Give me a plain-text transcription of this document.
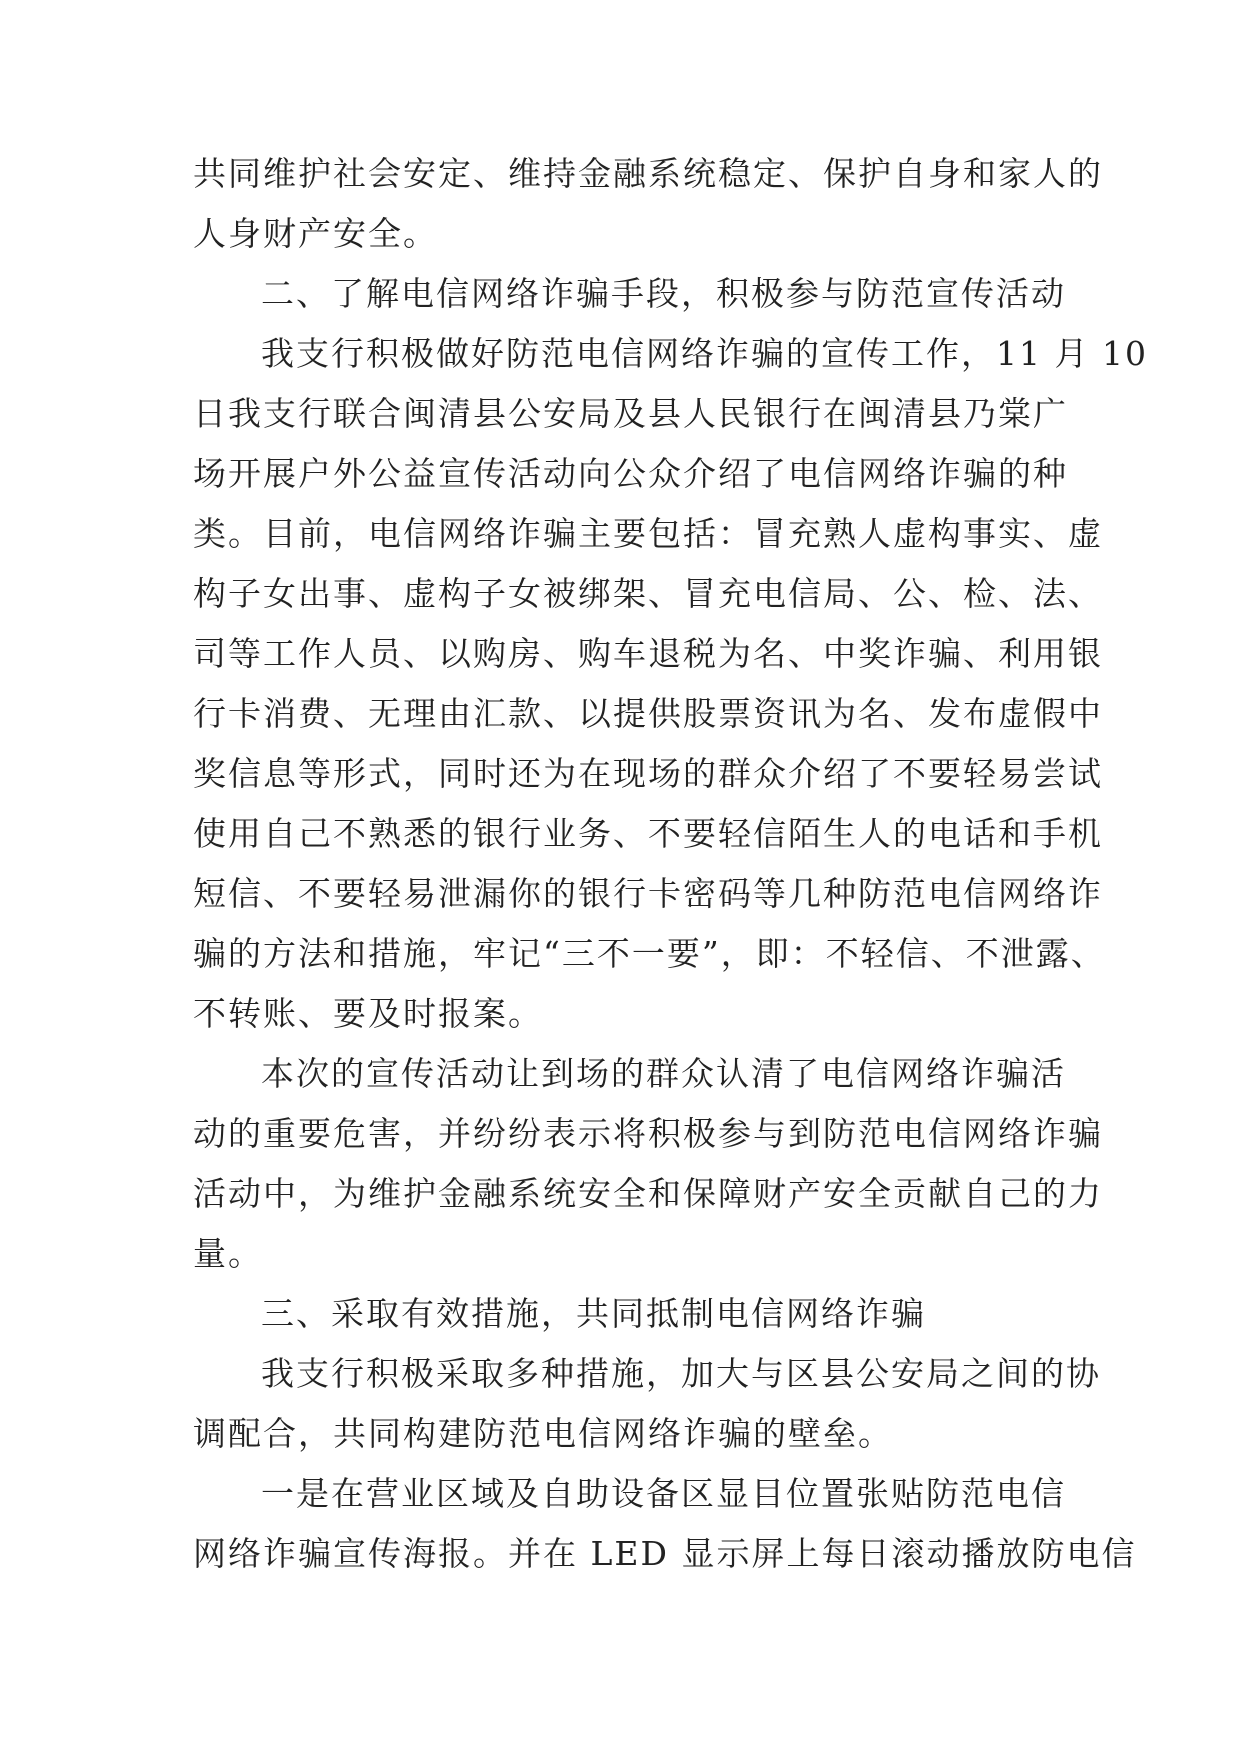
共同维护社会安定、维持金融系统稳定、保护自身和家人的
人身财产安全。
二、了解电信网络诈骗手段，积极参与防范宣传活动
我支行积极做好防范电信网络诈骗的宣传工作，11 月 10
日我支行联合闽清县公安局及县人民银行在闽清县乃棠广
场开展户外公益宣传活动向公众介绍了电信网络诈骗的种
类。目前，电信网络诈骗主要包括：冒充熟人虚构事实、虚
构子女出事、虚构子女被绑架、冒充电信局、公、检、法、
司等工作人员、以购房、购车退税为名、中奖诈骗、利用银
行卡消费、无理由汇款、以提供股票资讯为名、发布虚假中
奖信息等形式，同时还为在现场的群众介绍了不要轻易尝试
使用自己不熟悉的银行业务、不要轻信陌生人的电话和手机
短信、不要轻易泄漏你的银行卡密码等几种防范电信网络诈
骗的方法和措施，牢记“三不一要”，即：不轻信、不泄露、
不转账、要及时报案。
本次的宣传活动让到场的群众认清了电信网络诈骗活
动的重要危害，并纷纷表示将积极参与到防范电信网络诈骗
活动中，为维护金融系统安全和保障财产安全贡献自己的力
量。
三、采取有效措施，共同抵制电信网络诈骗
我支行积极采取多种措施，加大与区县公安局之间的协
调配合，共同构建防范电信网络诈骗的壁垒。
一是在营业区域及自助设备区显目位置张贴防范电信
网络诈骗宣传海报。并在 LED 显示屏上每日滚动播放防电信
